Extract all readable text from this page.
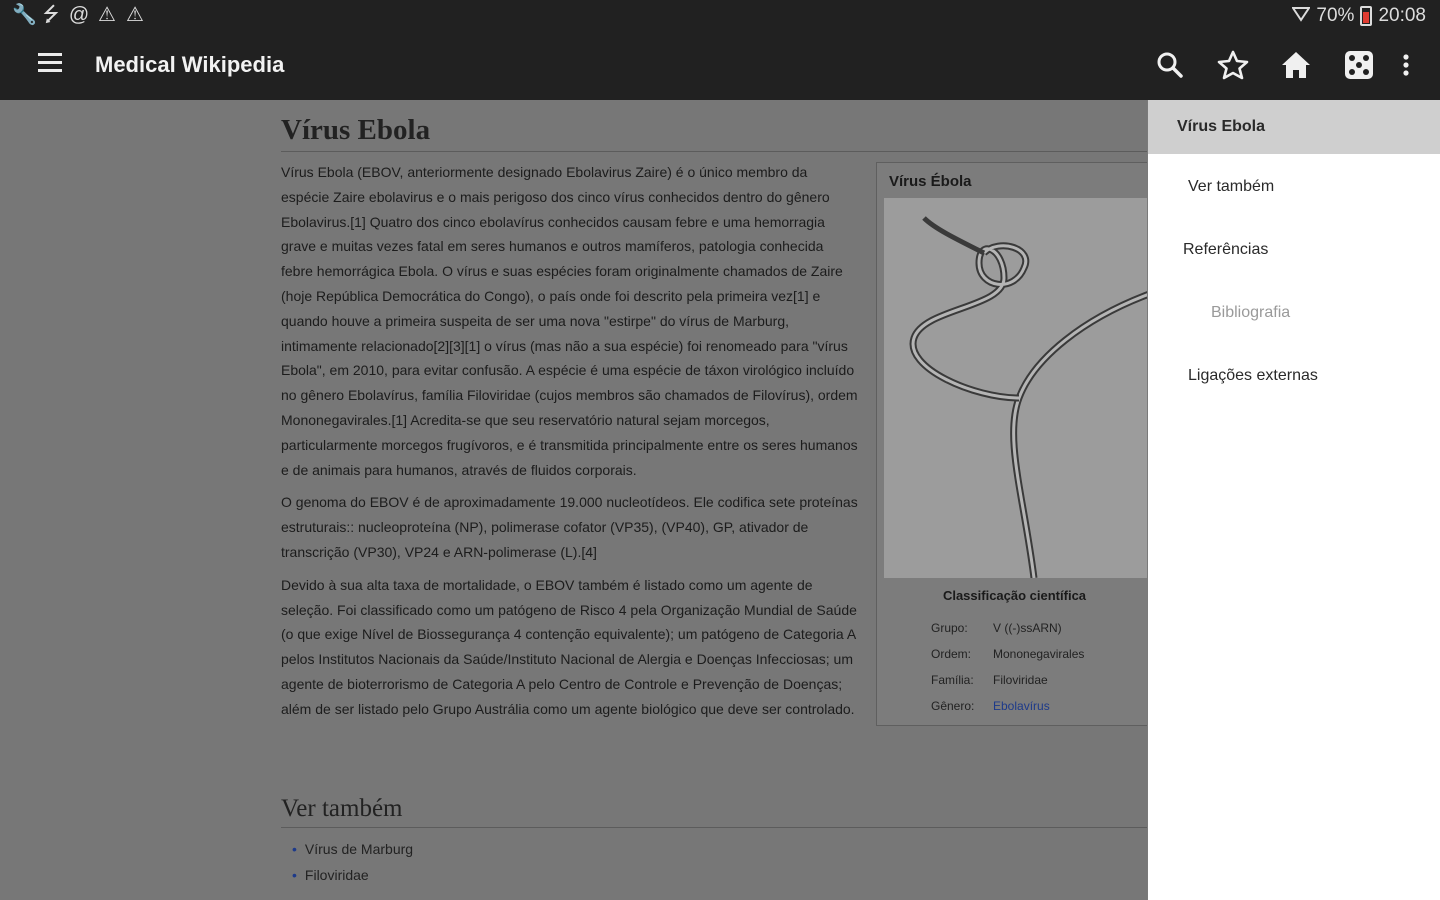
🔧 ⭍ @ ⚠ ⚠	70% 20:08
Medical Wikipedia
Vírus Ebola

Vírus Ebola (EBOV, anteriormente designado Ebolavirus Zaire) é o único membro da espécie Zaire ebolavirus e o mais perigoso dos cinco vírus conhecidos dentro do gênero Ebolavirus.[1] Quatro dos cinco ebolavírus conhecidos causam febre e uma hemorragia grave e muitas vezes fatal em seres humanos e outros mamíferos, patologia conhecida febre hemorrágica Ebola. O vírus e suas espécies foram originalmente chamados de Zaire (hoje República Democrática do Congo), o país onde foi descrito pela primeira vez[1] e quando houve a primeira suspeita de ser uma nova "estirpe" do vírus de Marburg, intimamente relacionado[2][3][1] o vírus (mas não a sua espécie) foi renomeado para "vírus Ebola", em 2010, para evitar confusão. A espécie é uma espécie de táxon virológico incluído no gênero Ebolavírus, família Filoviridae (cujos membros são chamados de Filovírus), ordem Mononegavirales.[1] Acredita-se que seu reservatório natural sejam morcegos, particularmente morcegos frugívoros, e é transmitida principalmente entre os seres humanos e de animais para humanos, através de fluidos corporais.

O genoma do EBOV é de aproximadamente 19.000 nucleotídeos. Ele codifica sete proteínas estruturais:: nucleoproteína (NP), polimerase cofator (VP35), (VP40), GP, ativador de transcrição (VP30), VP24 e ARN-polimerase (L).[4]

Devido à sua alta taxa de mortalidade, o EBOV também é listado como um agente de seleção. Foi classificado como um patógeno de Risco 4 pela Organização Mundial de Saúde (o que exige Nível de Biossegurança 4 contenção equivalente); um patógeno de Categoria A pelos Institutos Nacionais da Saúde/Instituto Nacional de Alergia e Doenças Infecciosas; um agente de bioterrorismo de Categoria A pelo Centro de Controle e Prevenção de Doenças; além de ser listado pelo Grupo Austrália como um agente biológico que deve ser controlado.

Vírus Ébola
Classificação científica
Grupo: V ((-)ssARN)
Ordem: Mononegavirales
Família: Filoviridae
Gênero: Ebolavírus
Ver também
• Vírus de Marburg
• Filoviridae
Vírus Ebola
Ver também
Referências
Bibliografia
Ligações externas
